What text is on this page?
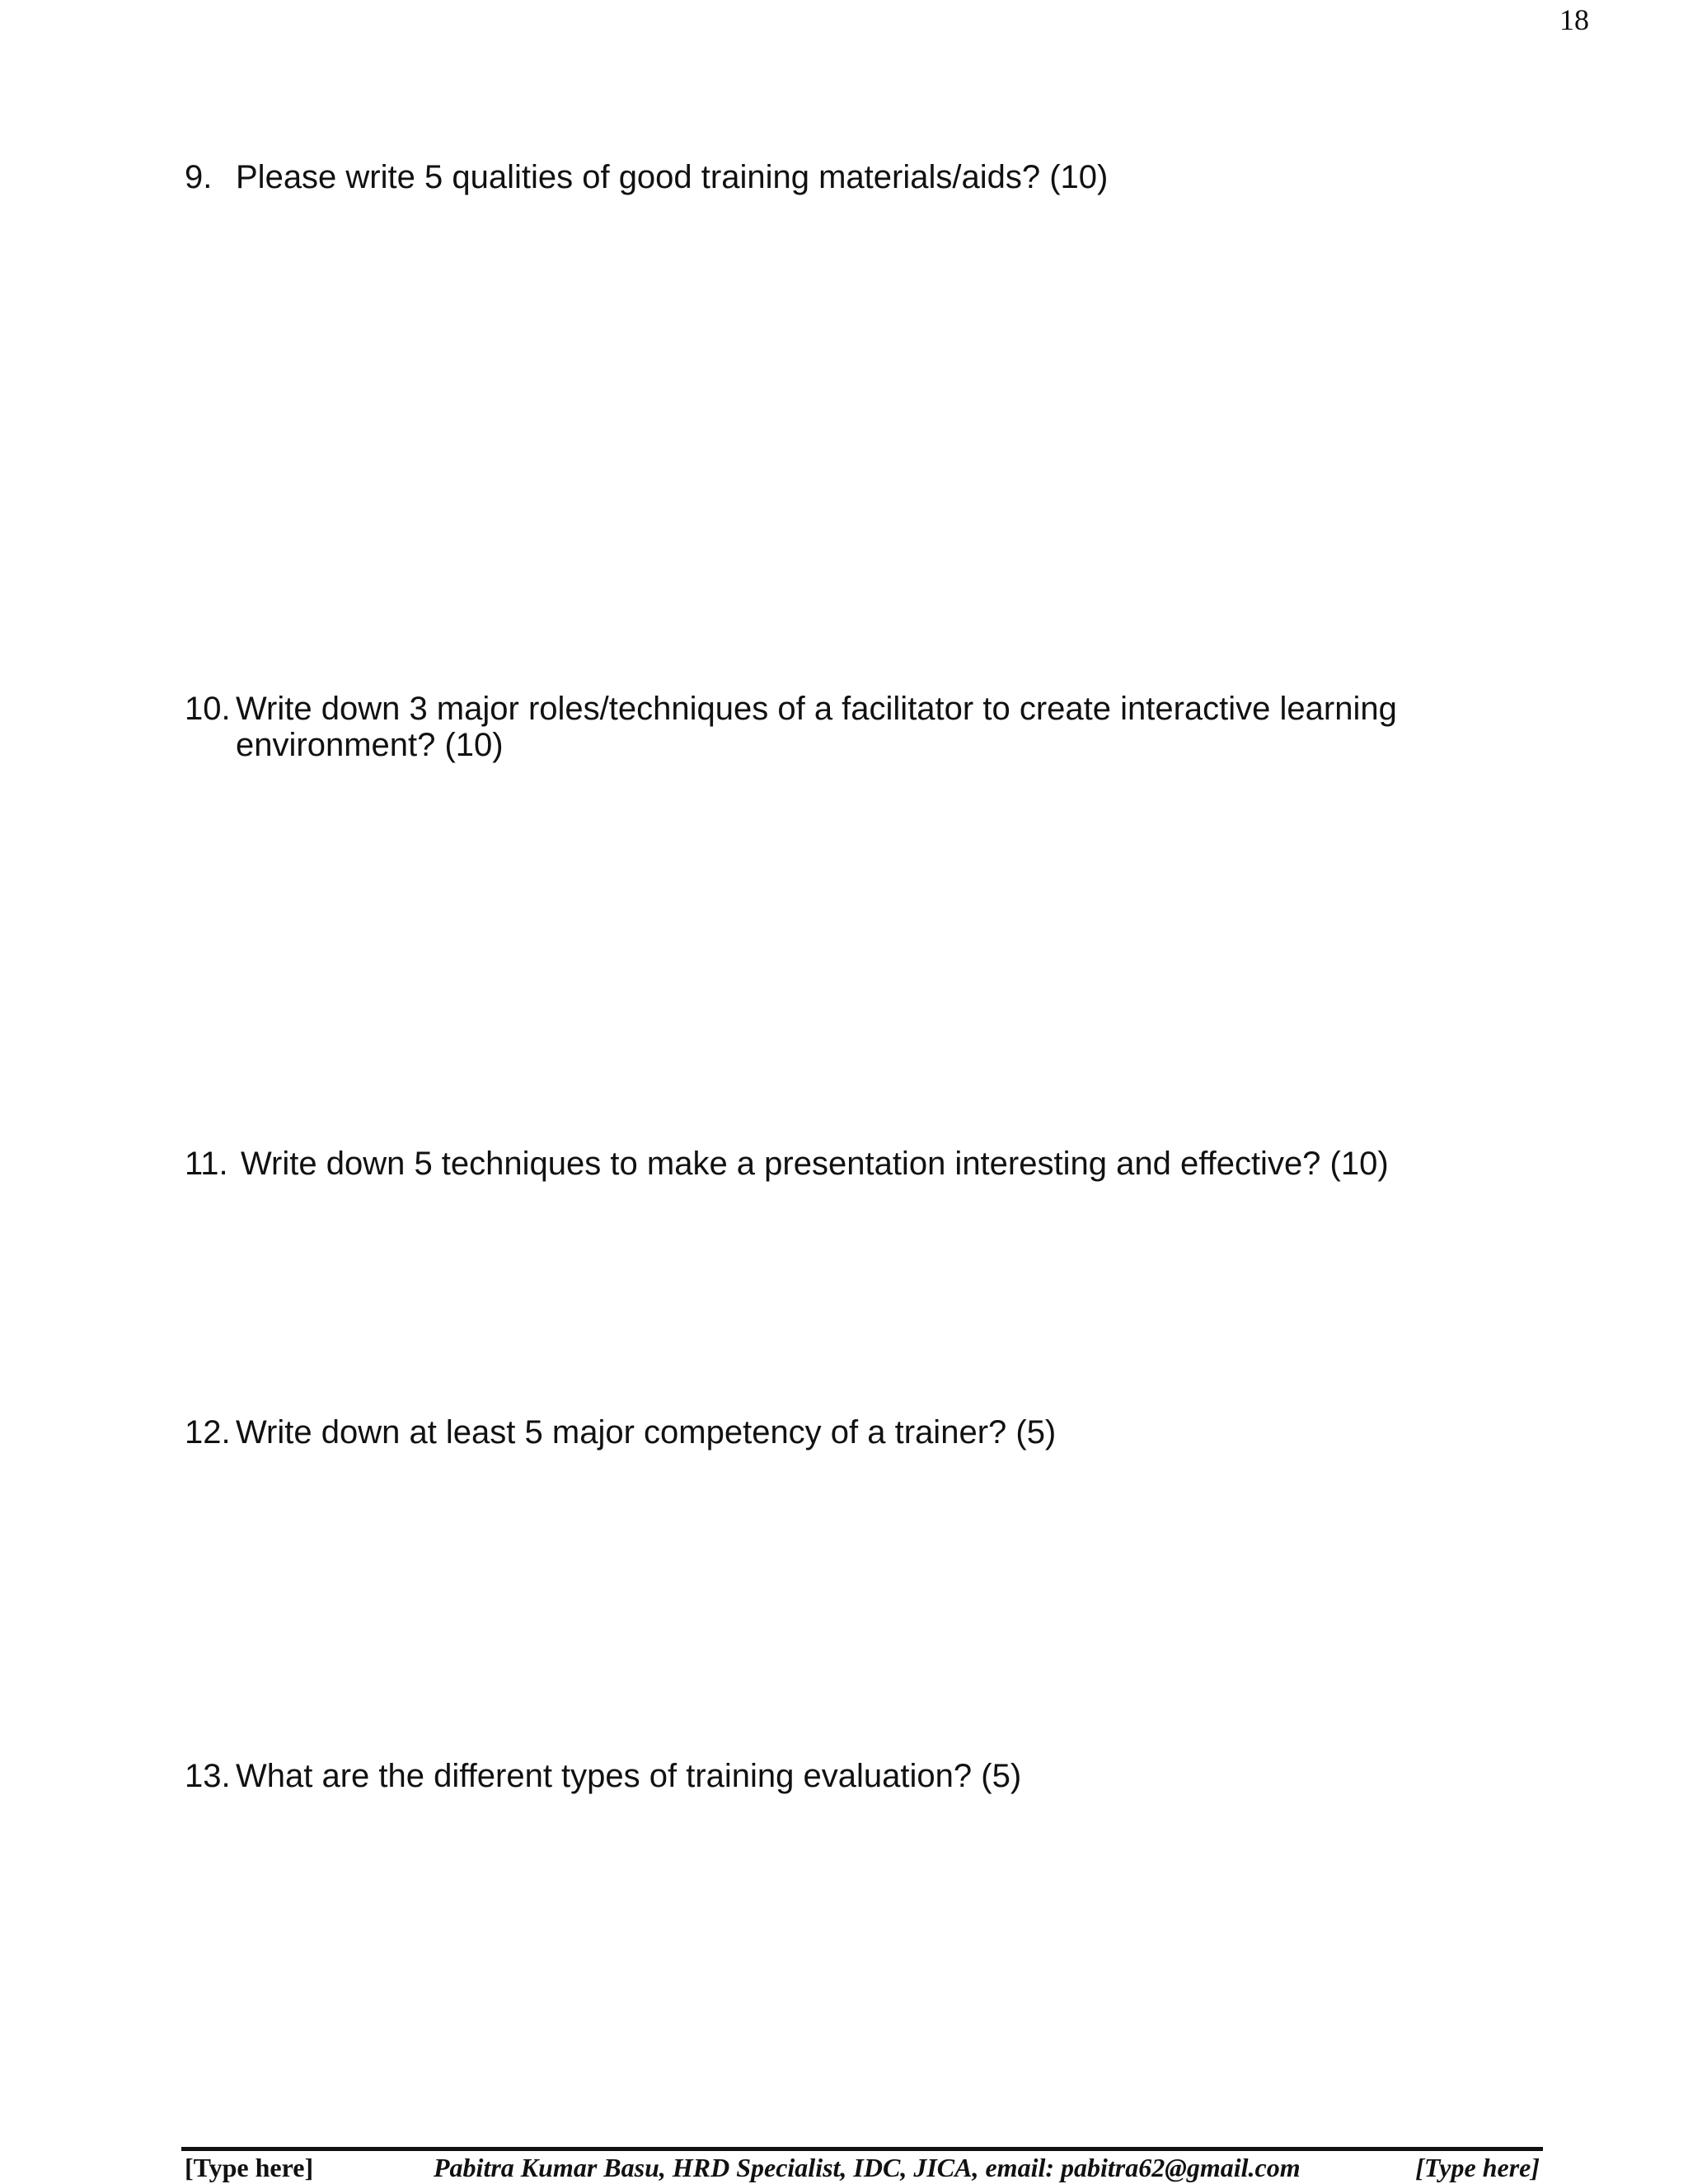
18
9. Please write 5 qualities of good training materials/aids? (10)
10. Write down 3 major roles/techniques of a facilitator to create interactive learning environment? (10)
11. Write down 5 techniques to make a presentation interesting and effective? (10)
12. Write down at least 5 major competency of a trainer? (5)
13. What are the different types of training evaluation? (5)
[Type here]	Pabitra Kumar Basu, HRD Specialist, IDC, JICA, email: pabitra62@gmail.com	[Type here]
